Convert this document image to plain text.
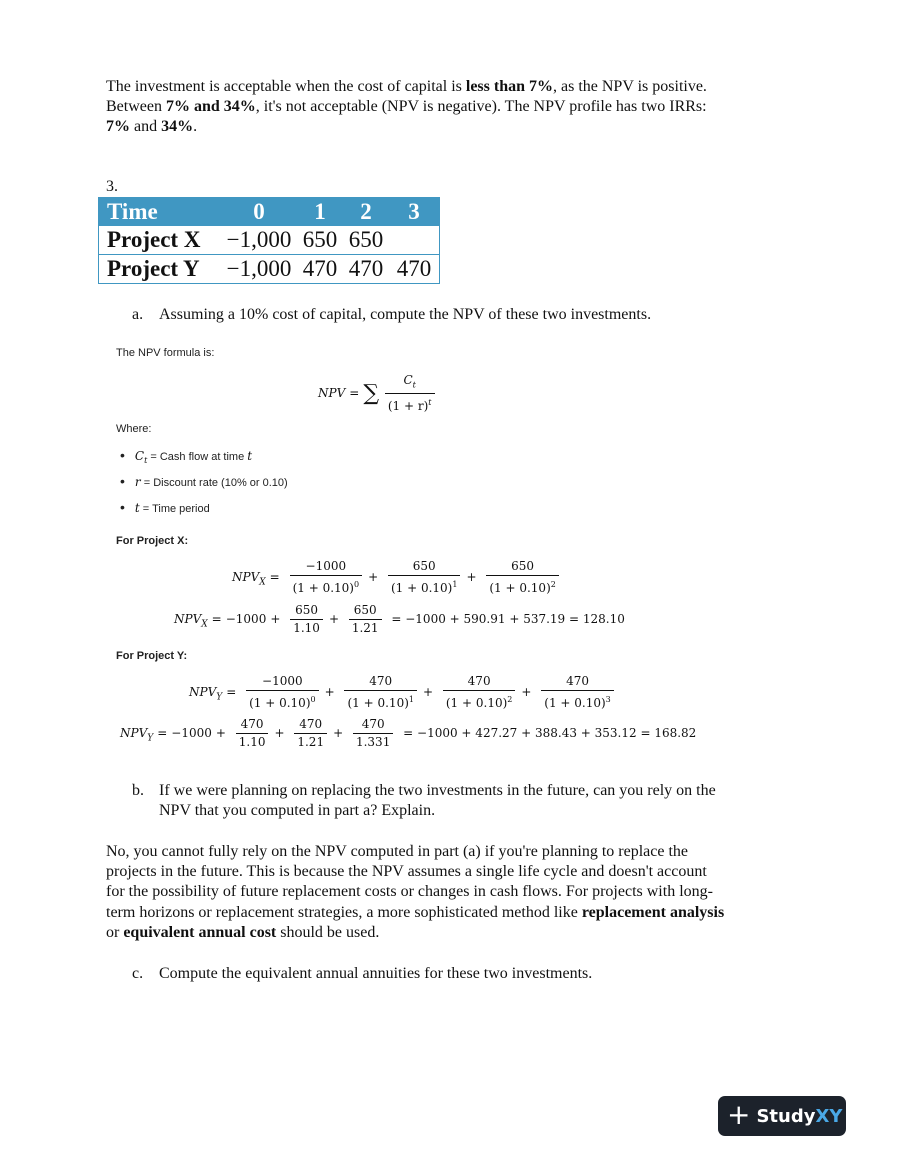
The investment is acceptable when the cost of capital is less than 7%, as the NPV is positive.
Between 7% and 34%, it's not acceptable (NPV is negative). The NPV profile has two IRRs:
7% and 34%.
3.
Time	0	1	2	3
Project X	−1,000	650	650	
Project Y	−1,000	470	470	470
a. Assuming a 10% cost of capital, compute the NPV of these two investments.
The NPV formula is:
NPV = ∑ $\frac{C_t}{(1 + r)^t}$
Where:
• $C_t$ = Cash flow at time t
• r = Discount rate (10% or 0.10)
• t = Time period
For Project X:
$NPV_X = \frac{-1000}{(1 + 0.10)^0} + \frac{650}{(1 + 0.10)^1} + \frac{650}{(1 + 0.10)^2}$
$NPV_X = -1000 + \frac{650}{1.10} + \frac{650}{1.21} = -1000 + 590.91 + 537.19 = 128.10$
For Project Y:
$NPV_Y = \frac{-1000}{(1 + 0.10)^0} + \frac{470}{(1 + 0.10)^1} + \frac{470}{(1 + 0.10)^2} + \frac{470}{(1 + 0.10)^3}$
$NPV_Y = -1000 + \frac{470}{1.10} + \frac{470}{1.21} + \frac{470}{1.331} = -1000 + 427.27 + 388.43 + 353.12 = 168.82$
b. If we were planning on replacing the two investments in the future, can you rely on the
NPV that you computed in part a? Explain.
No, you cannot fully rely on the NPV computed in part (a) if you're planning to replace the
projects in the future. This is because the NPV assumes a single life cycle and doesn't account
for the possibility of future replacement costs or changes in cash flows. For projects with long-
term horizons or replacement strategies, a more sophisticated method like replacement analysis
or equivalent annual cost should be used.
c. Compute the equivalent annual annuities for these two investments.
+ Study XY
